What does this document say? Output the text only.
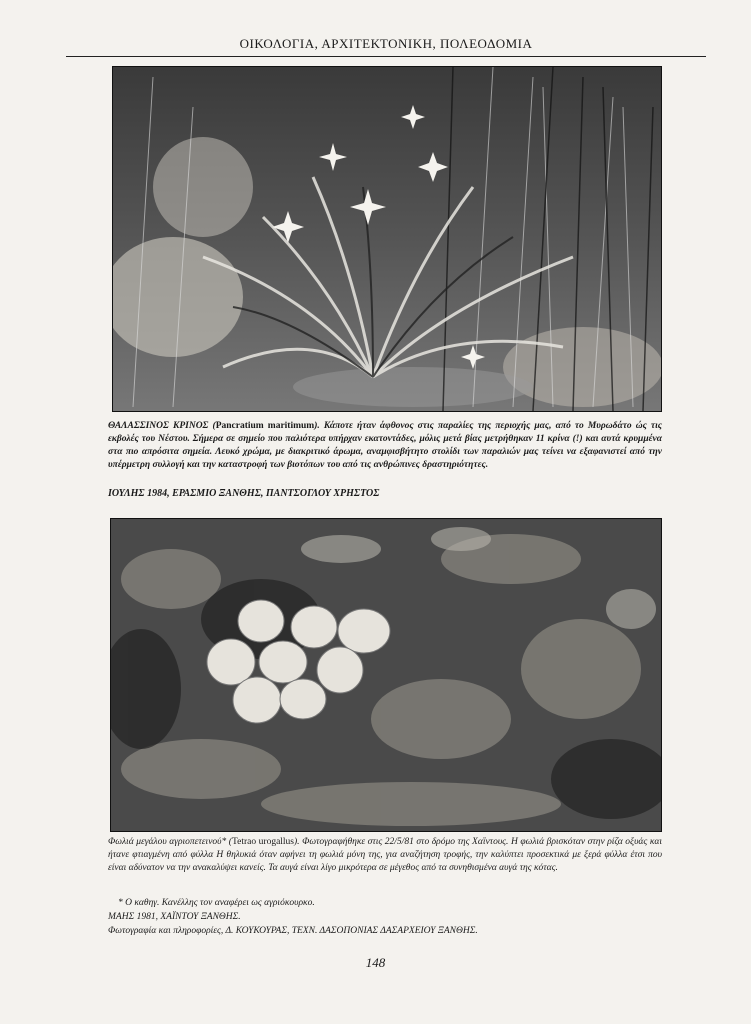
ΟΙΚΟΛΟΓΙΑ, ΑΡΧΙΤΕΚΤΟΝΙΚΗ, ΠΟΛΕΟΔΟΜΙΑ
ΘΑΛΑΣΣΙΝΟΣ ΚΡΙΝΟΣ (Pancratium maritimum). Κάποτε ήταν άφθονος στις παραλίες της περιοχής μας, από το Μυρωδάτο ώς τις εκβολές του Νέστου. Σήμερα σε σημείο που παλιότερα υπήρχαν εκατοντάδες, μόλις μετά βίας μετρήθηκαν 11 κρίνα (!) και αυτά κρυμμένα στα πιο απρόσιτα σημεία. Λευκό χρώμα, με διακριτικό άρωμα, αναμφισβήτητο στολίδι των παραλιών μας τείνει να εξαφανιστεί από την υπέρμετρη συλλογή και την καταστροφή των βιοτόπων του από τις ανθρώπινες δραστηριότητες.
ΙΟΥΛΗΣ 1984, ΕΡΑΣΜΙΟ ΞΑΝΘΗΣ, ΠΑΝΤΣΟΓΛΟΥ ΧΡΗΣΤΟΣ
Φωλιά μεγάλου αγριοπετεινού* (Tetrao urogallus). Φωτογραφήθηκε στις 22/5/81 στο δρόμο της Χαΐντους. Η φωλιά βρισκόταν στην ρίζα οξυάς και ήτανε φτιαγμένη από φύλλα Η θηλυκιά όταν αφήνει τη φωλιά μόνη της, για αναζήτηση τροφής, την καλύπτει προσεκτικά με ξερά φύλλα έτσι που είναι αδύνατον να την ανακαλύψει κανείς. Τα αυγά είναι λίγο μικρότερα σε μέγεθος από τα συνηθισμένα αυγά της κότας.
* Ο καθηγ. Κανέλλης τον αναφέρει ως αγριόκουρκο.
ΜΑΗΣ 1981, ΧΑΪΝΤΟΥ ΞΑΝΘΗΣ.
Φωτογραφία και πληροφορίες, Δ. ΚΟΥΚΟΥΡΑΣ, ΤΕΧΝ. ΔΑΣΟΠΟΝΙΑΣ ΔΑΣΑΡΧΕΙΟΥ ΞΑΝΘΗΣ.
148
